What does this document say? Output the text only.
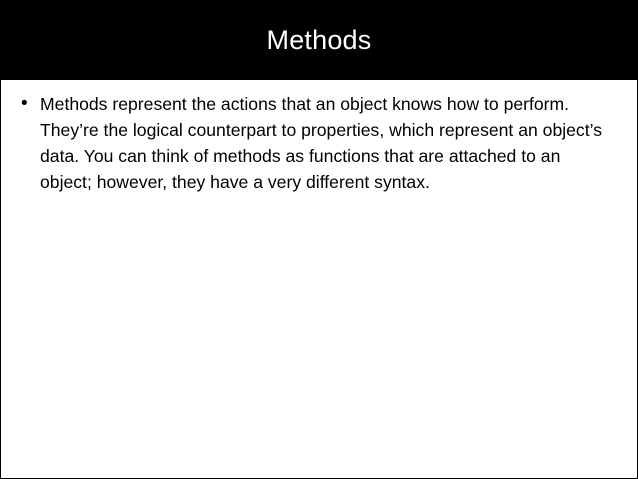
Methods
• Methods represent the actions that an object knows how to perform. They’re the logical counterpart to properties, which represent an object’s data. You can think of methods as functions that are attached to an object; however, they have a very different syntax.
